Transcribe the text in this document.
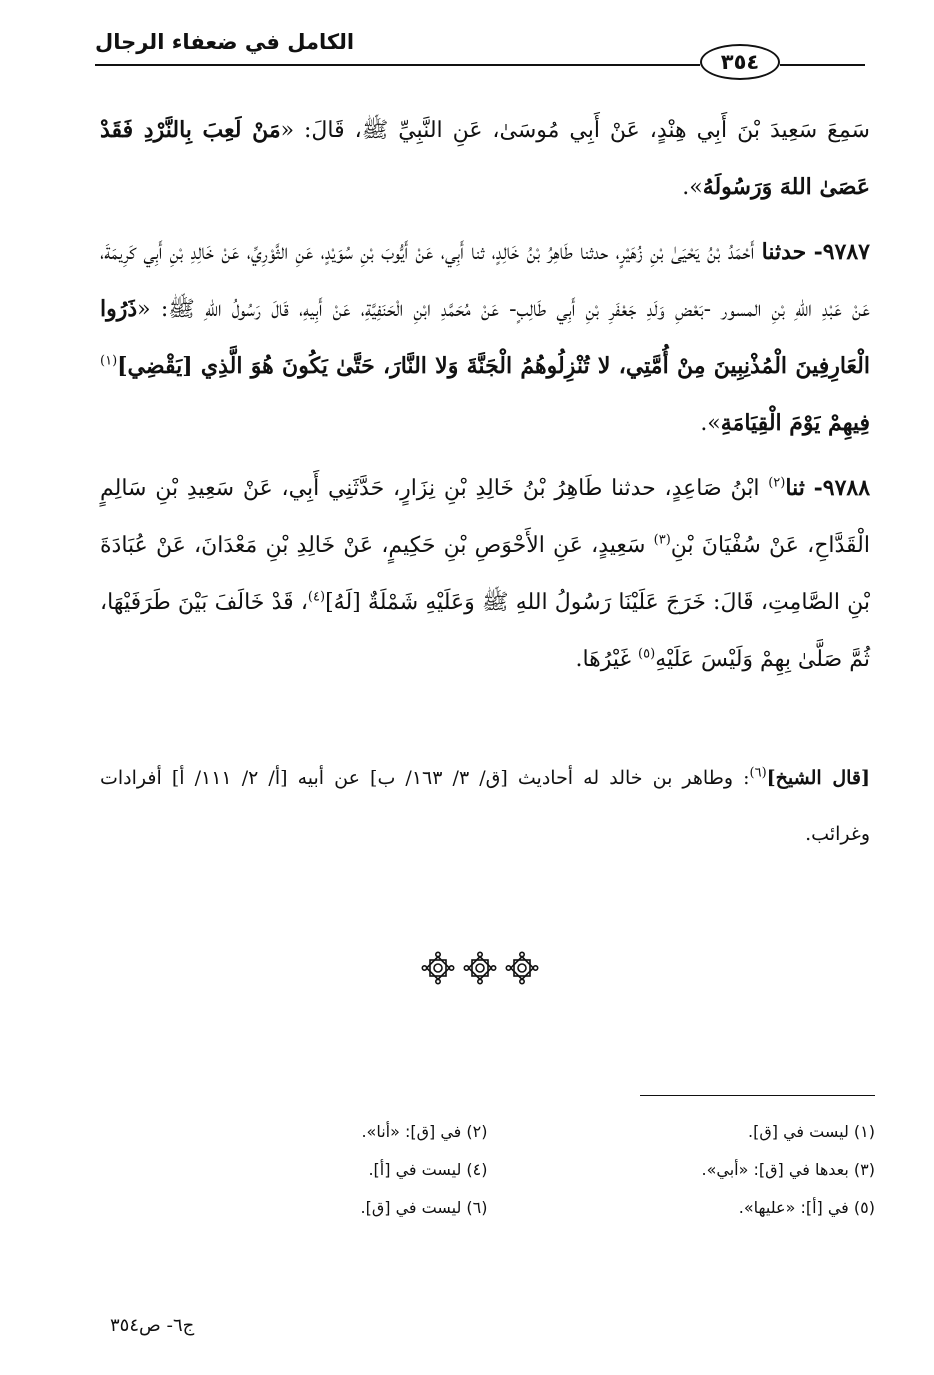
الكامل في ضعفاء الرجال
٣٥٤

سَمِعَ سَعِيدَ بْنَ أَبِي هِنْدٍ، عَنْ أَبِي مُوسَىٰ، عَنِ النَّبِيِّ ﷺ، قَالَ: «مَنْ لَعِبَ بِالنَّرْدِ فَقَدْ عَصَىٰ اللهَ وَرَسُولَهُ».

٩٧٨٧- حدثنا أَحْمَدُ بْنُ يَحْيَىٰ بْنِ زُهَيْرٍ، حدثنا طَاهِرُ بْنُ خَالِدٍ، ثنا أَبِي، عَنْ أَيُّوبَ بْنِ سُوَيْدٍ، عَنِ الثَّوْرِيِّ، عَنْ خَالِدِ بْنِ أَبِي كَرِيمَةَ، عَنْ عَبْدِ اللهِ بْنِ المسور -بَعْضِ وَلَدِ جَعْفَرِ بْنِ أَبِي طَالِبٍ- عَنْ مُحَمَّدِ ابْنِ الْحَنَفِيَّةِ، عَنْ أَبِيهِ، قَالَ رَسُولُ اللهِ ﷺ: «ذَرُوا الْعَارِفِينَ الْمُذْنِبِينَ مِنْ أُمَّتِي، لا تُنْزِلُوهُمُ الْجَنَّةَ وَلا النَّارَ، حَتَّىٰ يَكُونَ هُوَ الَّذِي [يَقْضِي]$^{(١)}$ فِيهِمْ يَوْمَ الْقِيَامَةِ».

٩٧٨٨- ثنا$^{(٢)}$ ابْنُ صَاعِدٍ، حدثنا طَاهِرُ بْنُ خَالِدِ بْنِ نِزَارٍ، حَدَّثَنِي أَبِي، عَنْ سَعِيدِ بْنِ سَالِمٍ الْقَدَّاحِ، عَنْ سُفْيَانَ بْنِ$^{(٣)}$ سَعِيدٍ، عَنِ الأَحْوَصِ بْنِ حَكِيمٍ، عَنْ خَالِدِ بْنِ مَعْدَانَ، عَنْ عُبَادَةَ بْنِ الصَّامِتِ، قَالَ: خَرَجَ عَلَيْنَا رَسُولُ اللهِ ﷺ وَعَلَيْهِ شَمْلَةٌ [لَهُ]$^{(٤)}$، قَدْ خَالَفَ بَيْنَ طَرَفَيْهَا، ثُمَّ صَلَّىٰ بِهِمْ وَلَيْسَ عَلَيْهِ$^{(٥)}$ غَيْرُهَا.

[قال الشيخ]$^{(٦)}$: وطاهر بن خالد له أحاديث [ق/ ٣/ ١٦٣/ ب] عن أبيه [أ/ ٢/ ١١١/ أ] أفرادات وغرائب.
(١) ليست في [ق].
(٢) في [ق]: «أنا».
(٣) بعدها في [ق]: «أبي».
(٤) ليست في [أ].
(٥) في [أ]: «عليها».
(٦) ليست في [ق].
ج٦- ص٣٥٤
